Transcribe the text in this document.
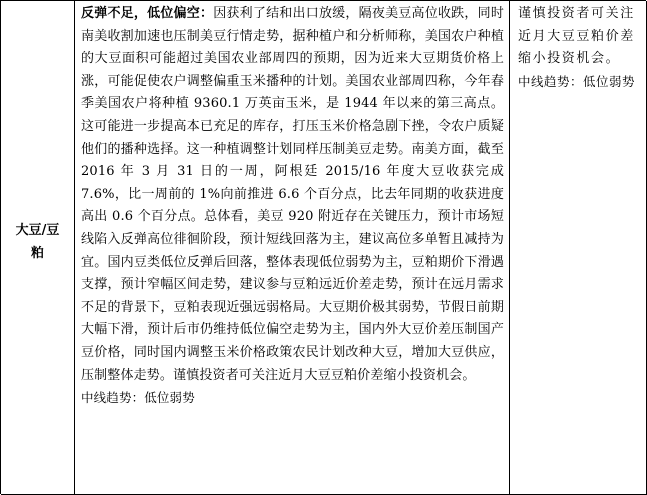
大豆/豆
粕
反弹不足，低位偏空：因获利了结和出口放缓，隔夜美豆高位收跌，同时南美收割加速也压制美豆行情走势，据种植户和分析师称，美国农户种植的大豆面积可能超过美国农业部周四的预期，因为近来大豆期货价格上涨，可能促使农户调整偏重玉米播种的计划。美国农业部周四称，今年春季美国农户将种植 9360.1 万英亩玉米，是 1944 年以来的第三高点。这可能进一步提高本已充足的库存，打压玉米价格急剧下挫，令农户质疑他们的播种选择。这一种植调整计划同样压制美豆走势。南美方面，截至 2016 年 3 月 31 日的一周，阿根廷 2015/16 年度大豆收获完成 7.6%，比一周前的 1%向前推进 6.6 个百分点，比去年同期的收获进度高出 0.6 个百分点。总体看，美豆 920 附近存在关键压力，预计市场短线陷入反弹高位徘徊阶段，预计短线回落为主，建议高位多单暂且减持为宜。国内豆类低位反弹后回落，整体表现低位弱势为主，豆粕期价下滑遇支撑，预计窄幅区间走势，建议参与豆粕远近价差走势，预计在远月需求不足的背景下，豆粕表现近强远弱格局。大豆期价极其弱势，节假日前期大幅下滑，预计后市仍维持低位偏空走势为主，国内外大豆价差压制国产豆价格，同时国内调整玉米价格政策农民计划改种大豆，增加大豆供应，压制整体走势。谨慎投资者可关注近月大豆豆粕价差缩小投资机会。
中线趋势：低位弱势
谨慎投资者可关注近月大豆豆粕价差缩小投资机会。
中线趋势：低位弱势
